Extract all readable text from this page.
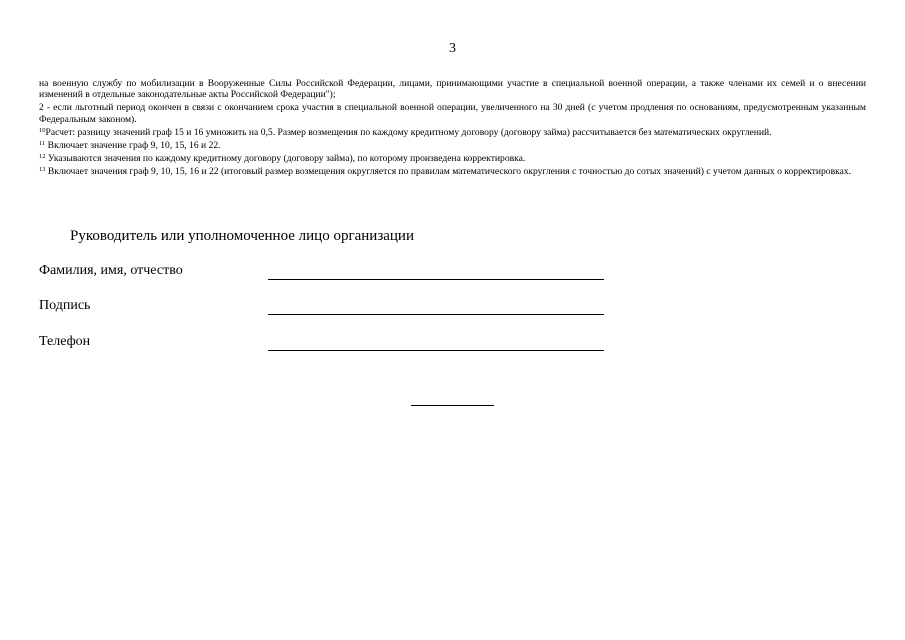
3

на военную службу по мобилизации в Вооруженные Силы Российской Федерации, лицами, принимающими участие в специальной военной операции, а также членами их семей и о внесении изменений в отдельные законодательные акты Российской Федерации");

2 - если льготный период окончен в связи с окончанием срока участия в специальной военной операции, увеличенного на 30 дней (с учетом продления по основаниям, предусмотренным указанным Федеральным законом).

$^{10}$Расчет: разницу значений граф 15 и 16 умножить на 0,5. Размер возмещения по каждому кредитному договору (договору займа) рассчитывается без математических округлений.

$^{11}$ Включает значение граф 9, 10, 15, 16 и 22.

$^{12}$ Указываются значения по каждому кредитному договору (договору займа), по которому произведена корректировка.

$^{13}$ Включает значения граф 9, 10, 15, 16 и 22 (итоговый размер возмещения округляется по правилам математического округления с точностью до сотых значений) с учетом данных о корректировках.

Руководитель или уполномоченное лицо организации
Фамилия, имя, отчество
Подпись
Телефон
